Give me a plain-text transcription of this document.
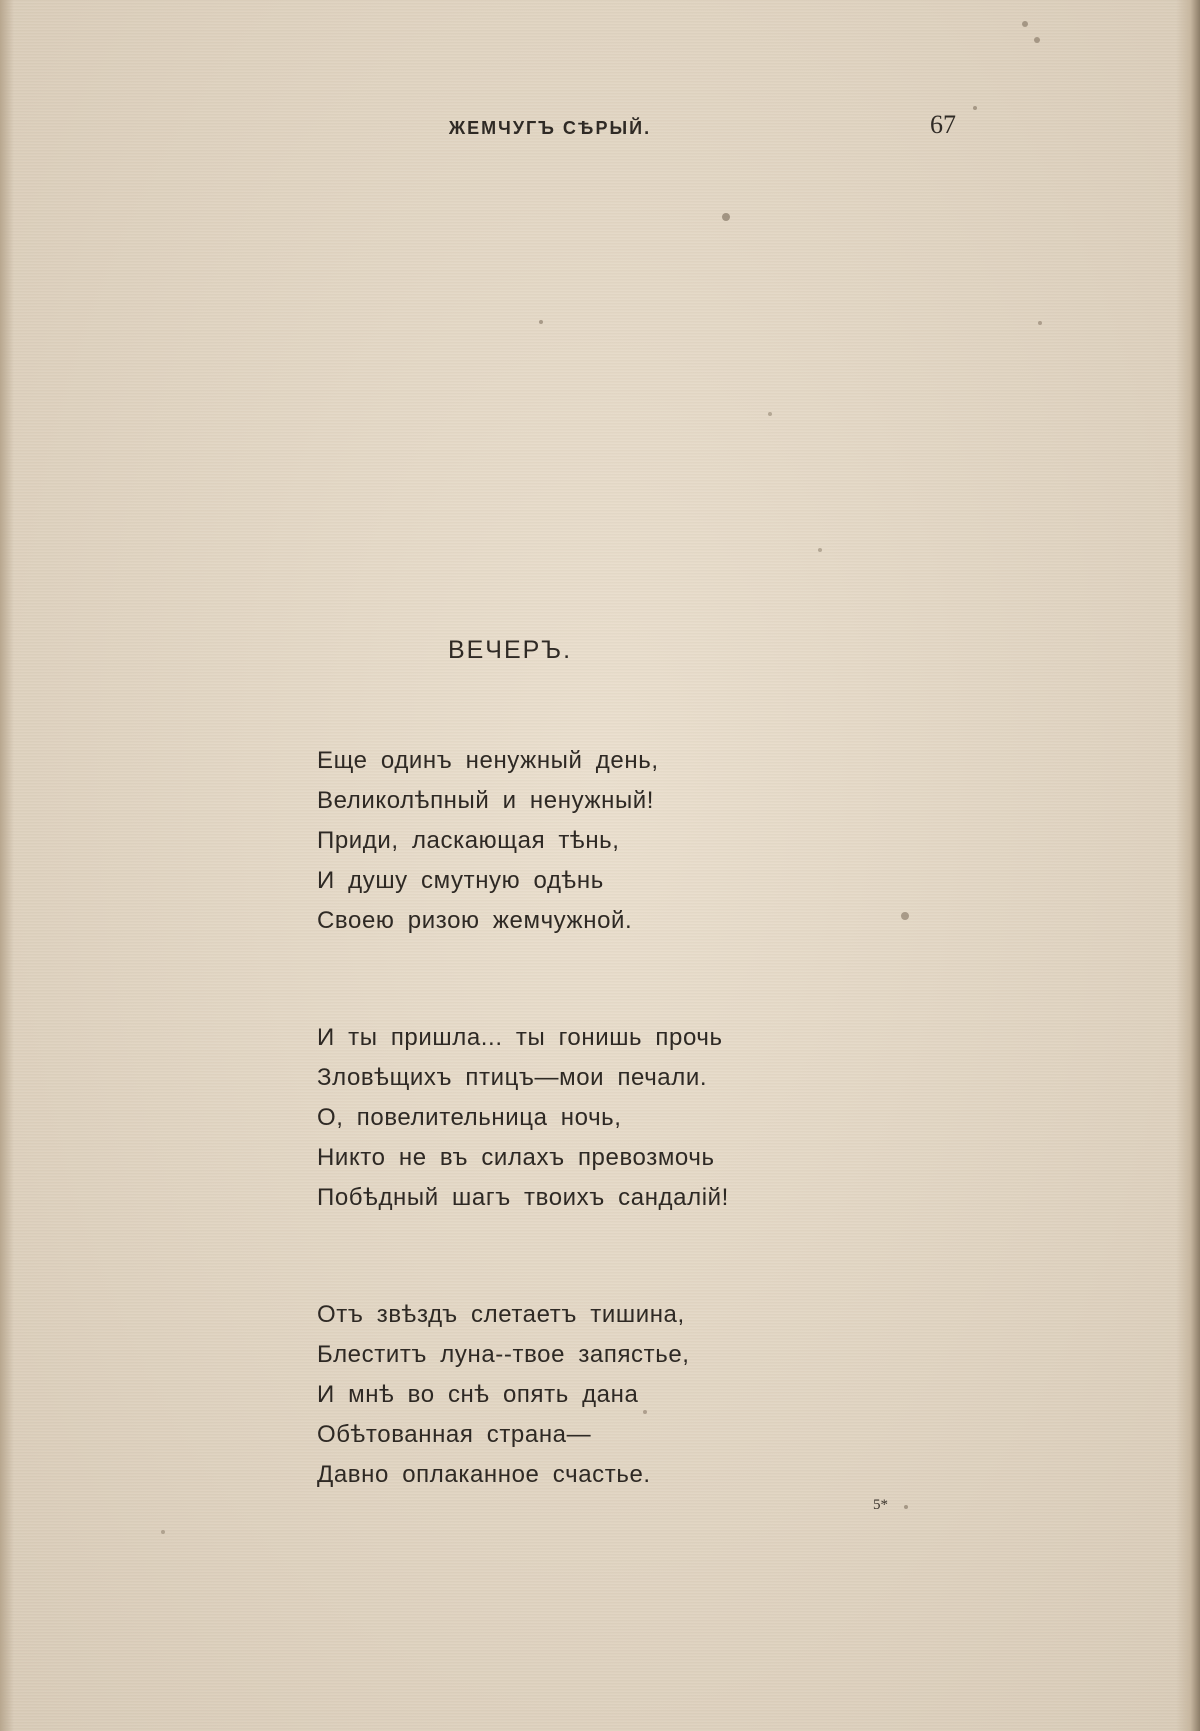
ЖЕМЧУГЪ СѢРЫЙ.	67
ВЕЧЕРЪ.
Еще одинъ ненужный день,
Великолѣпный и ненужный!
Приди, ласкающая тѣнь,
И душу смутную одѣнь
Своею ризою жемчужной.
И ты пришла... ты гонишь прочь
Зловѣщихъ птицъ—мои печали.
О, повелительница ночь,
Никто не въ силахъ превозмочь
Побѣдный шагъ твоихъ сандалій!
Отъ звѣздъ слетаетъ тишина,
Блеститъ луна--твое запястье,
И мнѣ во снѣ опять дана
Обѣтованная страна—
Давно оплаканное счастье.
5*
